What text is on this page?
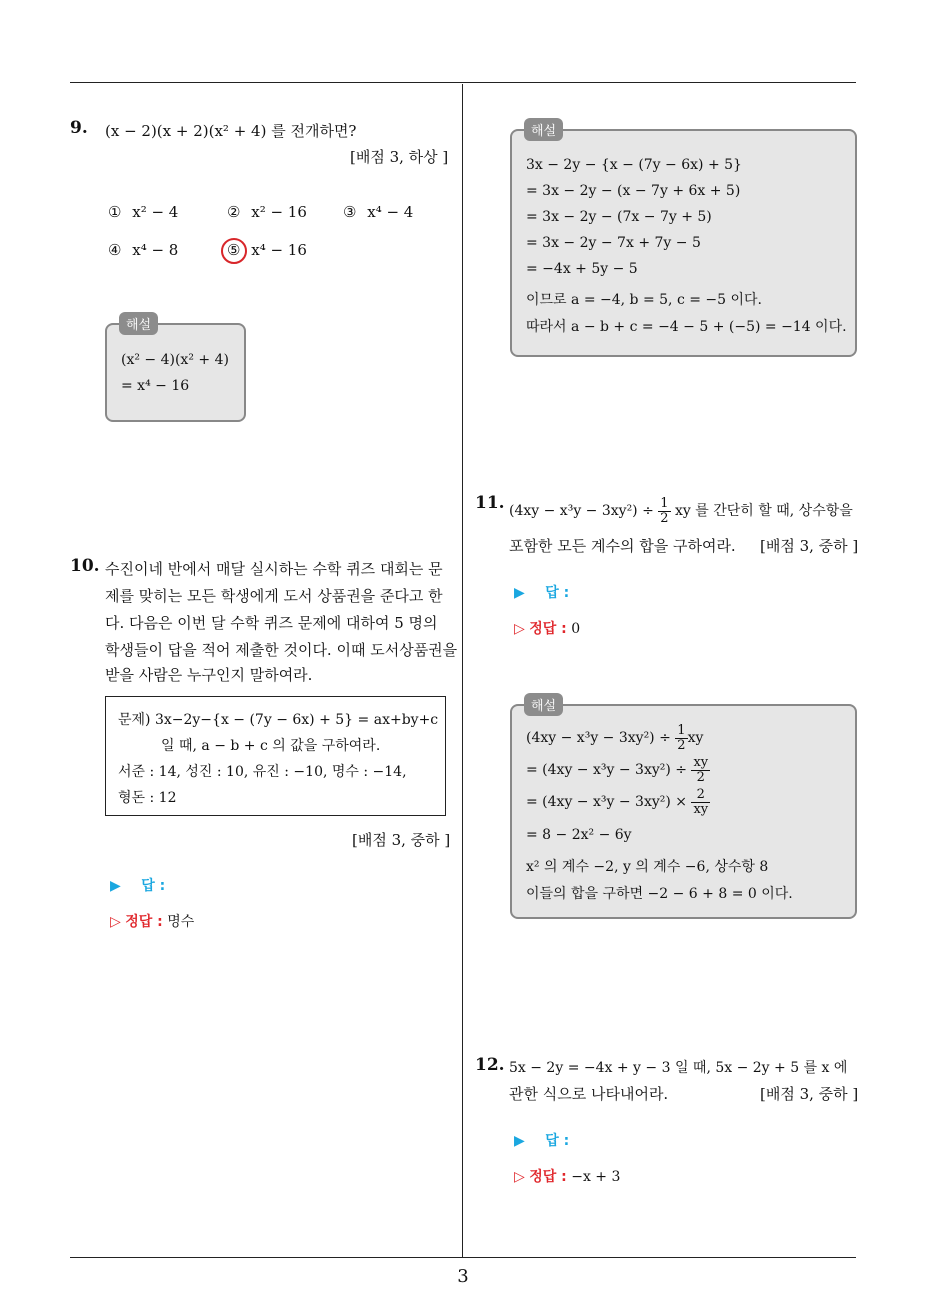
3
9. (x − 2)(x + 2)(x² + 4) 를 전개하면?
[배점 3, 하상 ]
① x² − 4	② x² − 16 ③ x⁴ − 4
④ x⁴ − 8	⑤ x⁴ − 16
해설
(x² − 4)(x² + 4)
= x⁴ − 16
10. 수진이네 반에서 매달 실시하는 수학 퀴즈 대회는 문
제를 맞히는 모든 학생에게 도서 상품권을 준다고 한
다. 다음은 이번 달 수학 퀴즈 문제에 대하여 5 명의
학생들이 답을 적어 제출한 것이다. 이때 도서상품권을
받을 사람은 누구인지 말하여라.
문제) 3x−2y−{x − (7y − 6x) + 5} = ax+by+c
일 때, a − b + c 의 값을 구하여라.
서준 : 14, 성진 : 10, 유진 : −10, 명수 : −14,
형돈 : 12
[배점 3, 중하 ]
▶ 답 :
▷ 정답 : 명수
해설
3x − 2y − {x − (7y − 6x) + 5}
= 3x − 2y − (x − 7y + 6x + 5)
= 3x − 2y − (7x − 7y + 5)
= 3x − 2y − 7x + 7y − 5
= −4x + 5y − 5
이므로 a = −4, b = 5, c = −5 이다.
따라서 a − b + c = −4 − 5 + (−5) = −14 이다.
11. $(4xy - x^3y - 3xy^2) \div \frac{1}{2}$ xy 를 간단히 할 때, 상수항을
포함한 모든 계수의 합을 구하여라. [배점 3, 중하 ]
▶ 답 :
▷ 정답 : 0
해설
$(4xy - x^3y - 3xy^2) \div \frac{1}{2}$ xy
= $(4xy - x^3y - 3xy^2) \div \frac{xy}{2}$
= $(4xy - x^3y - 3xy^2) \times \frac{2}{xy}$
= 8 − 2x² − 6y
x² 의 계수 −2, y 의 계수 −6, 상수항 8
이들의 합을 구하면 −2 − 6 + 8 = 0 이다.
12. 5x − 2y = −4x + y − 3 일 때, 5x − 2y + 5 를 x 에
관한 식으로 나타내어라.	[배점 3, 중하 ]
▶ 답 :
▷ 정답 : −x + 3
